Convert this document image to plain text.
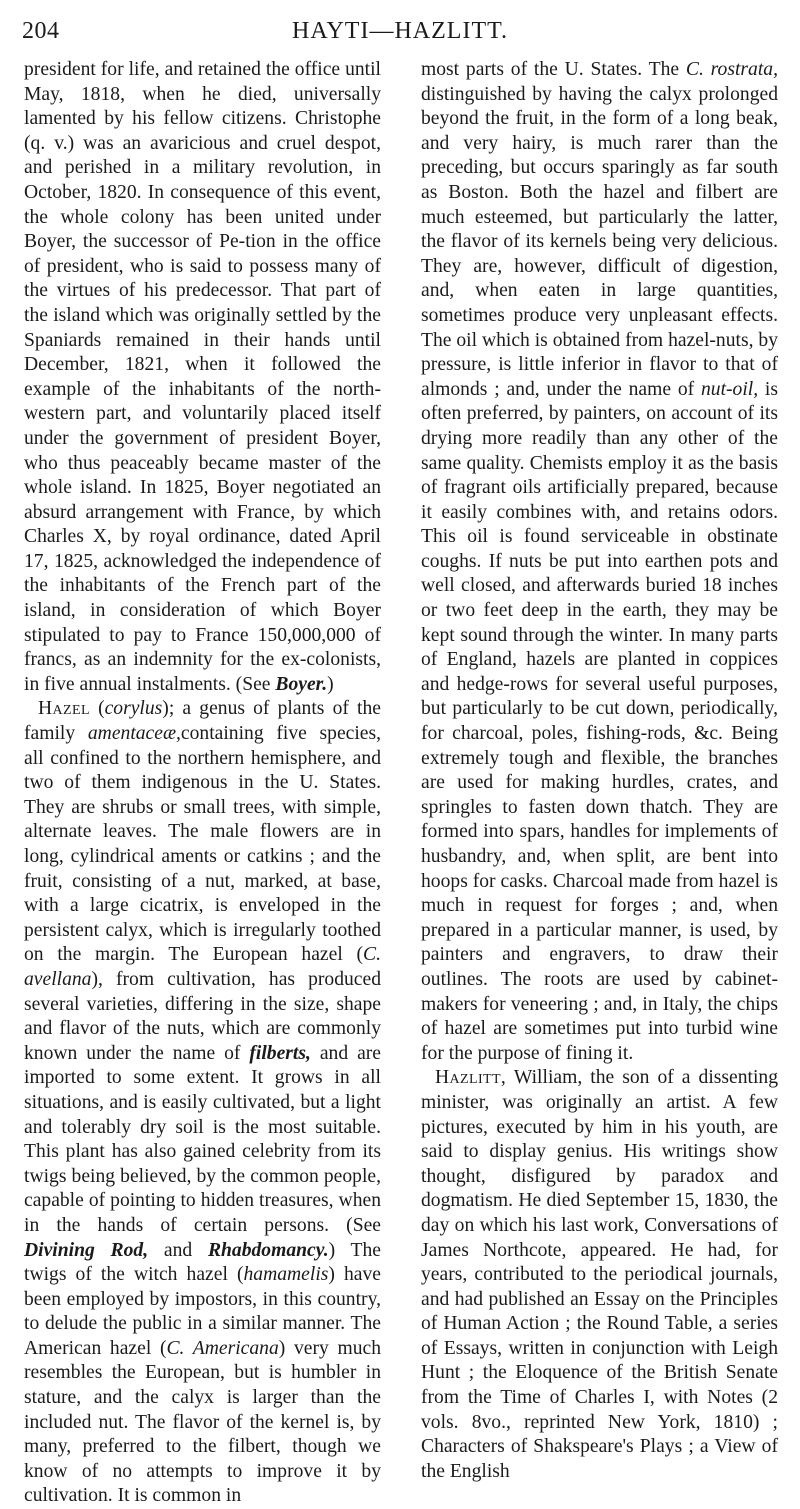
204	HAYTI—HAZLITT.

president for life, and retained the office until May, 1818, when he died, universally lamented by his fellow citizens. Christophe (q. v.) was an avaricious and cruel despot, and perished in a military revolution, in October, 1820. In consequence of this event, the whole colony has been united under Boyer, the successor of Pe-tion in the office of president, who is said to possess many of the virtues of his predecessor. That part of the island which was originally settled by the Spaniards remained in their hands until December, 1821, when it followed the example of the inhabitants of the north-western part, and voluntarily placed itself under the government of president Boyer, who thus peaceably became master of the whole island. In 1825, Boyer negotiated an absurd arrangement with France, by which Charles X, by royal ordinance, dated April 17, 1825, acknowledged the independence of the inhabitants of the French part of the island, in consideration of which Boyer stipulated to pay to France 150,000,000 of francs, as an indemnity for the ex-colonists, in five annual instalments. (See Boyer.)

Hazel (corylus); a genus of plants of the family amentaceæ,containing five species, all confined to the northern hemisphere, and two of them indigenous in the U. States. They are shrubs or small trees, with simple, alternate leaves. The male flowers are in long, cylindrical aments or catkins ; and the fruit, consisting of a nut, marked, at base, with a large cicatrix, is enveloped in the persistent calyx, which is irregularly toothed on the margin. The European hazel (C. avellana), from cultivation, has produced several varieties, differing in the size, shape and flavor of the nuts, which are commonly known under the name of filberts, and are imported to some extent. It grows in all situations, and is easily cultivated, but a light and tolerably dry soil is the most suitable. This plant has also gained celebrity from its twigs being believed, by the common people, capable of pointing to hidden treasures, when in the hands of certain persons. (See Divining Rod, and Rhabdomancy.) The twigs of the witch hazel (hamamelis) have been employed by impostors, in this country, to delude the public in a similar manner. The American hazel (C. Americana) very much resembles the European, but is humbler in stature, and the calyx is larger than the included nut. The flavor of the kernel is, by many, preferred to the filbert, though we know of no attempts to improve it by cultivation. It is common in

most parts of the U. States. The C. rostrata, distinguished by having the calyx prolonged beyond the fruit, in the form of a long beak, and very hairy, is much rarer than the preceding, but occurs sparingly as far south as Boston. Both the hazel and filbert are much esteemed, but particularly the latter, the flavor of its kernels being very delicious. They are, however, difficult of digestion, and, when eaten in large quantities, sometimes produce very unpleasant effects. The oil which is obtained from hazel-nuts, by pressure, is little inferior in flavor to that of almonds ; and, under the name of nut-oil, is often preferred, by painters, on account of its drying more readily than any other of the same quality. Chemists employ it as the basis of fragrant oils artificially prepared, because it easily combines with, and retains odors. This oil is found serviceable in obstinate coughs. If nuts be put into earthen pots and well closed, and afterwards buried 18 inches or two feet deep in the earth, they may be kept sound through the winter. In many parts of England, hazels are planted in coppices and hedge-rows for several useful purposes, but particularly to be cut down, periodically, for charcoal, poles, fishing-rods, &c. Being extremely tough and flexible, the branches are used for making hurdles, crates, and springles to fasten down thatch. They are formed into spars, handles for implements of husbandry, and, when split, are bent into hoops for casks. Charcoal made from hazel is much in request for forges ; and, when prepared in a particular manner, is used, by painters and engravers, to draw their outlines. The roots are used by cabinet-makers for veneering ; and, in Italy, the chips of hazel are sometimes put into turbid wine for the purpose of fining it.

Hazlitt, William, the son of a dissenting minister, was originally an artist. A few pictures, executed by him in his youth, are said to display genius. His writings show thought, disfigured by paradox and dogmatism. He died September 15, 1830, the day on which his last work, Conversations of James Northcote, appeared. He had, for years, contributed to the periodical journals, and had published an Essay on the Principles of Human Action ; the Round Table, a series of Essays, written in conjunction with Leigh Hunt ; the Eloquence of the British Senate from the Time of Charles I, with Notes (2 vols. 8vo., reprinted New York, 1810) ; Characters of Shakspeare's Plays ; a View of the English
